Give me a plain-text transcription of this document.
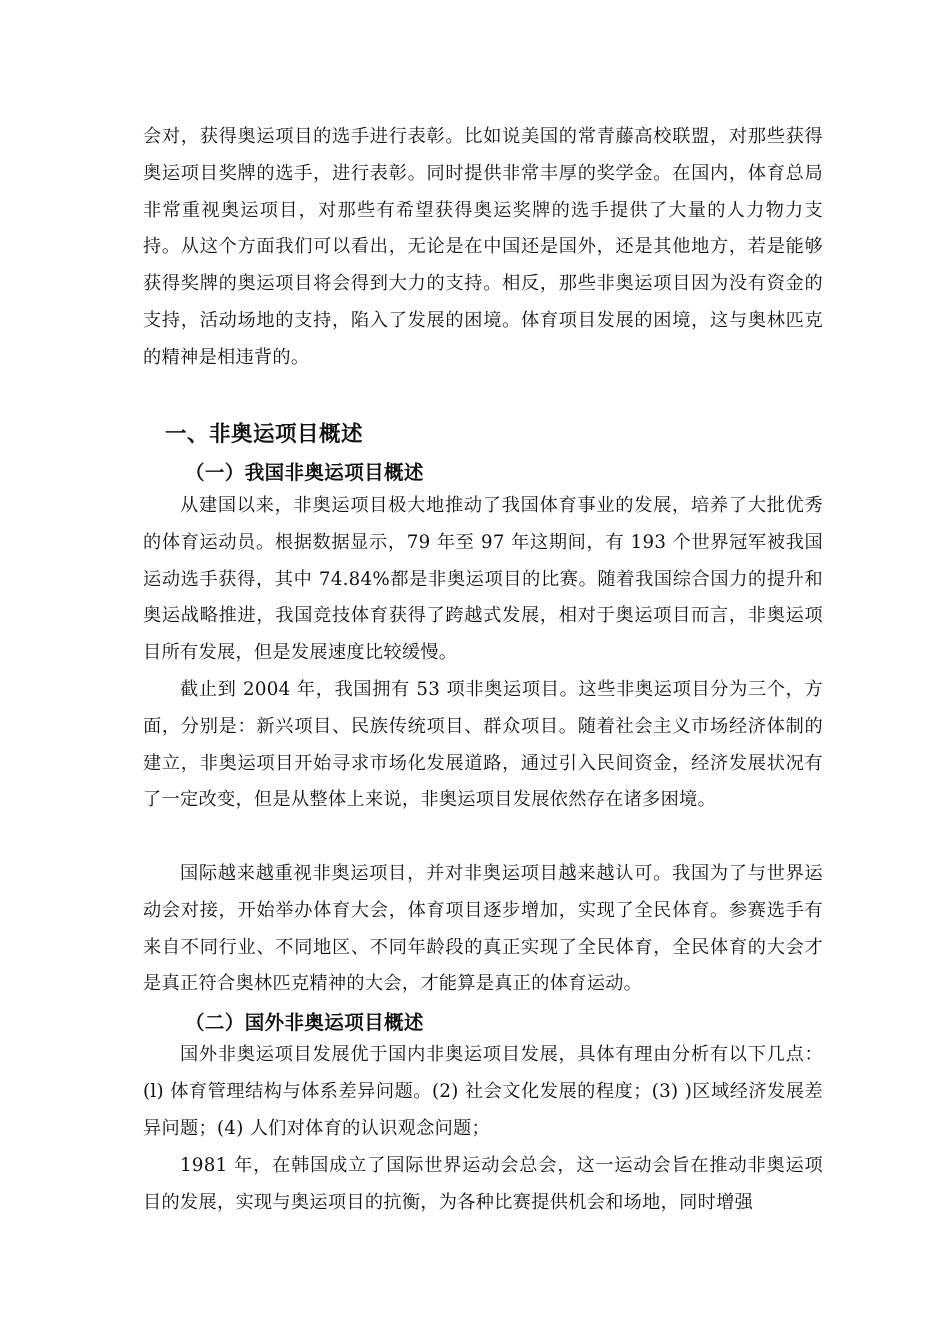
会对，获得奥运项目的选手进行表彰。比如说美国的常青藤高校联盟，对那些获得奥运项目奖牌的选手，进行表彰。同时提供非常丰厚的奖学金。在国内，体育总局非常重视奥运项目，对那些有希望获得奥运奖牌的选手提供了大量的人力物力支持。从这个方面我们可以看出，无论是在中国还是国外，还是其他地方，若是能够获得奖牌的奥运项目将会得到大力的支持。相反，那些非奥运项目因为没有资金的支持，活动场地的支持，陷入了发展的困境。体育项目发展的困境，这与奥林匹克的精神是相违背的。

一、非奥运项目概述
（一）我国非奥运项目概述

从建国以来，非奥运项目极大地推动了我国体育事业的发展，培养了大批优秀的体育运动员。根据数据显示，79 年至 97 年这期间，有 193 个世界冠军被我国运动选手获得，其中 74.84%都是非奥运项目的比赛。随着我国综合国力的提升和奥运战略推进，我国竞技体育获得了跨越式发展，相对于奥运项目而言，非奥运项目所有发展，但是发展速度比较缓慢。

截止到 2004 年，我国拥有 53 项非奥运项目。这些非奥运项目分为三个，方面，分别是：新兴项目、民族传统项目、群众项目。随着社会主义市场经济体制的建立，非奥运项目开始寻求市场化发展道路，通过引入民间资金，经济发展状况有了一定改变，但是从整体上来说，非奥运项目发展依然存在诸多困境。

国际越来越重视非奥运项目，并对非奥运项目越来越认可。我国为了与世界运动会对接，开始举办体育大会，体育项目逐步增加，实现了全民体育。参赛选手有来自不同行业、不同地区、不同年龄段的真正实现了全民体育，全民体育的大会才是真正符合奥林匹克精神的大会，才能算是真正的体育运动。

（二）国外非奥运项目概述

国外非奥运项目发展优于国内非奥运项目发展，具体有理由分析有以下几点：(l) 体育管理结构与体系差异问题。(2) 社会文化发展的程度；(3) )区域经济发展差异问题；(4) 人们对体育的认识观念问题；

1981 年，在韩国成立了国际世界运动会总会，这一运动会旨在推动非奥运项目的发展，实现与奥运项目的抗衡，为各种比赛提供机会和场地，同时增强
